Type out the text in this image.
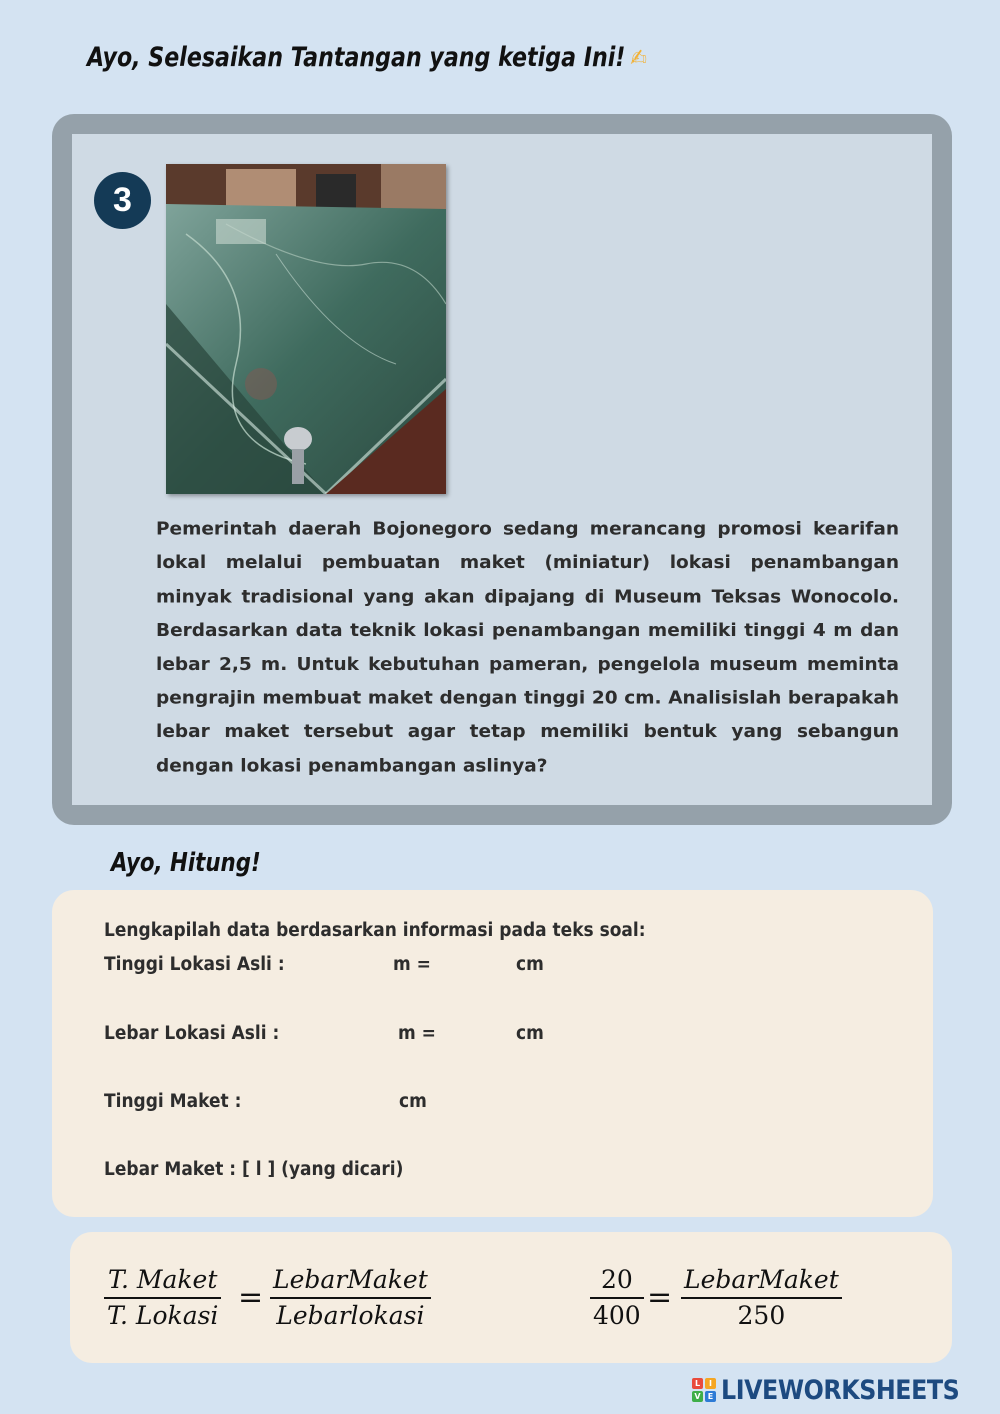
Ayo, Selesaikan Tantangan yang ketiga Ini! ✍
3
Pemerintah daerah Bojonegoro sedang merancang promosi kearifan lokal melalui pembuatan maket (miniatur) lokasi penambangan minyak tradisional yang akan dipajang di Museum Teksas Wonocolo. Berdasarkan data teknik lokasi penambangan memiliki tinggi 4 m dan lebar 2,5 m. Untuk kebutuhan pameran, pengelola museum meminta pengrajin membuat maket dengan tinggi 20 cm. Analisislah berapakah lebar maket tersebut agar tetap memiliki bentuk yang sebangun dengan lokasi penambangan aslinya?
Ayo, Hitung!
Lengkapilah data berdasarkan informasi pada teks soal:
Tinggi Lokasi Asli :	m =	cm
Lebar Lokasi Asli :	m =	cm
Tinggi Maket :	cm
Lebar Maket : [ l ] (yang dicari)
T. Maket
T. Lokasi
=
LebarMaket
Lebarlokasi
20
400
=
LebarMaket
250
L	I
V E LIVEWORKSHEETS
